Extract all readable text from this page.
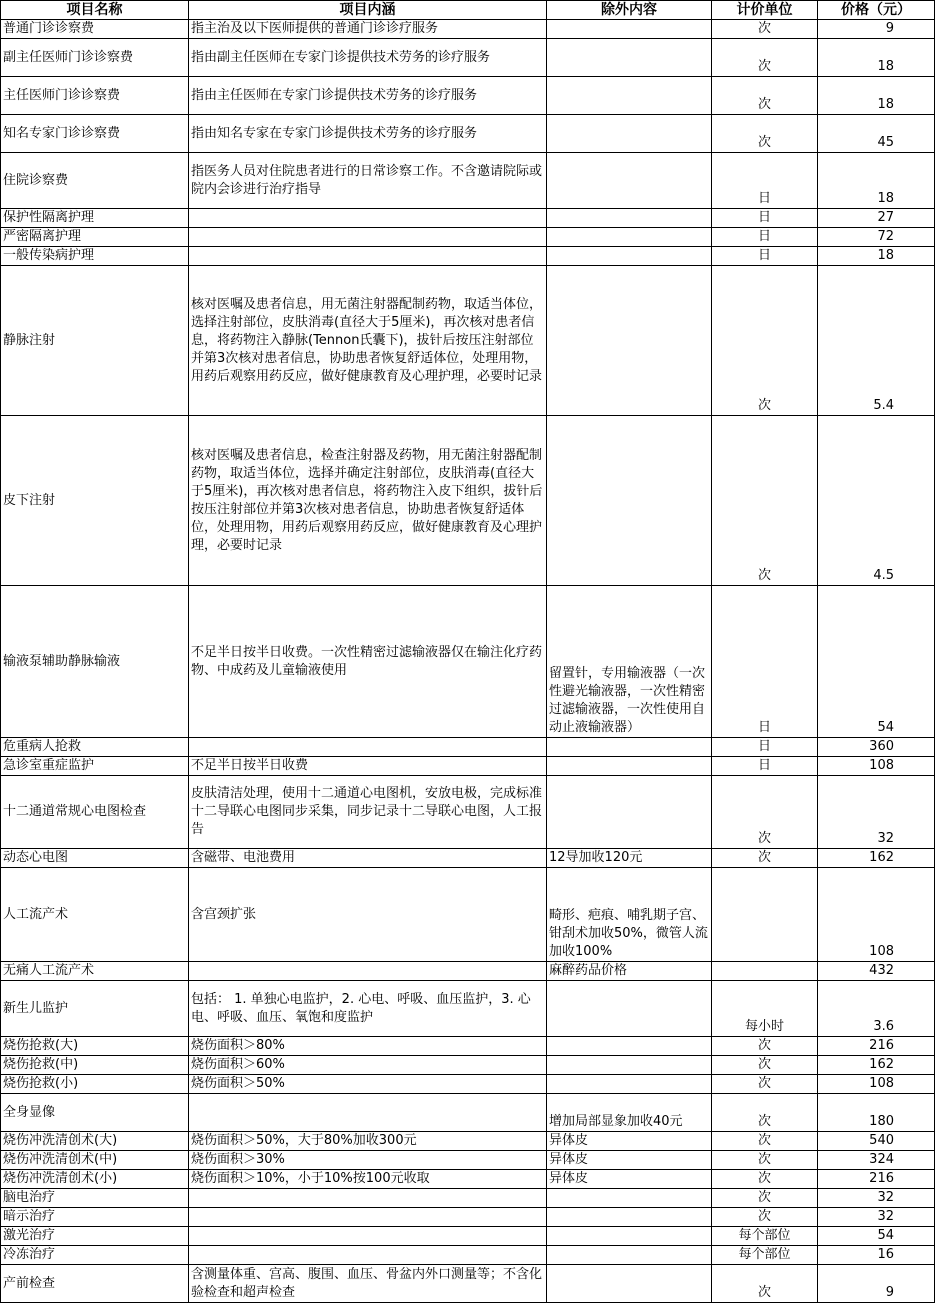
项目名称	项目内涵	除外内容	计价单位	价格（元）
普通门诊诊察费	指主治及以下医师提供的普通门诊诊疗服务		次	9
副主任医师门诊诊察费	指由副主任医师在专家门诊提供技术劳务的诊疗服务		次	18
主任医师门诊诊察费	指由主任医师在专家门诊提供技术劳务的诊疗服务		次	18
知名专家门诊诊察费	指由知名专家在专家门诊提供技术劳务的诊疗服务		次	45
住院诊察费	指医务人员对住院患者进行的日常诊察工作。不含邀请院际或院内会诊进行治疗指导		日	18
保护性隔离护理			日	27
严密隔离护理			日	72
一般传染病护理			日	18
静脉注射	核对医嘱及患者信息，用无菌注射器配制药物，取适当体位，选择注射部位，皮肤消毒(直径大于5厘米)，再次核对患者信息，将药物注入静脉(Tennon氏囊下)，拔针后按压注射部位并第3次核对患者信息，协助患者恢复舒适体位，处理用物，用药后观察用药反应，做好健康教育及心理护理，必要时记录		次	5.4
皮下注射	核对医嘱及患者信息，检查注射器及药物，用无菌注射器配制药物，取适当体位，选择并确定注射部位，皮肤消毒(直径大于5厘米)，再次核对患者信息，将药物注入皮下组织，拔针后按压注射部位并第3次核对患者信息，协助患者恢复舒适体位，处理用物，用药后观察用药反应，做好健康教育及心理护理，必要时记录		次	4.5
输液泵辅助静脉输液	不足半日按半日收费。一次性精密过滤输液器仅在输注化疗药物、中成药及儿童输液使用	留置针，专用输液器（一次性避光输液器，一次性精密过滤输液器，一次性使用自动止液输液器）	日	54
危重病人抢救			日	360
急诊室重症监护	不足半日按半日收费		日	108
十二通道常规心电图检查	皮肤清洁处理，使用十二通道心电图机，安放电极，完成标准十二导联心电图同步采集，同步记录十二导联心电图，人工报告		次	32
动态心电图	含磁带、电池费用	12导加收120元	次	162
人工流产术	含宫颈扩张	畸形、疤痕、哺乳期子宫、钳刮术加收50%，微管人流加收100%		108
无痛人工流产术		麻醉药品价格		432
新生儿监护	包括： 1. 单独心电监护，2. 心电、呼吸、血压监护，3. 心电、呼吸、血压、氧饱和度监护		每小时	3.6
烧伤抢救(大)	烧伤面积＞80%		次	216
烧伤抢救(中)	烧伤面积＞60%		次	162
烧伤抢救(小)	烧伤面积＞50%		次	108
全身显像		增加局部显象加收40元	次	180
烧伤冲洗清创术(大)	烧伤面积＞50%，大于80%加收300元	异体皮	次	540
烧伤冲洗清创术(中)	烧伤面积＞30%	异体皮	次	324
烧伤冲洗清创术(小)	烧伤面积＞10%，小于10%按100元收取	异体皮	次	216
脑电治疗			次	32
暗示治疗			次	32
激光治疗			每个部位	54
冷冻治疗			每个部位	16
产前检查	含测量体重、宫高、腹围、血压、骨盆内外口测量等；不含化验检查和超声检查		次	9
